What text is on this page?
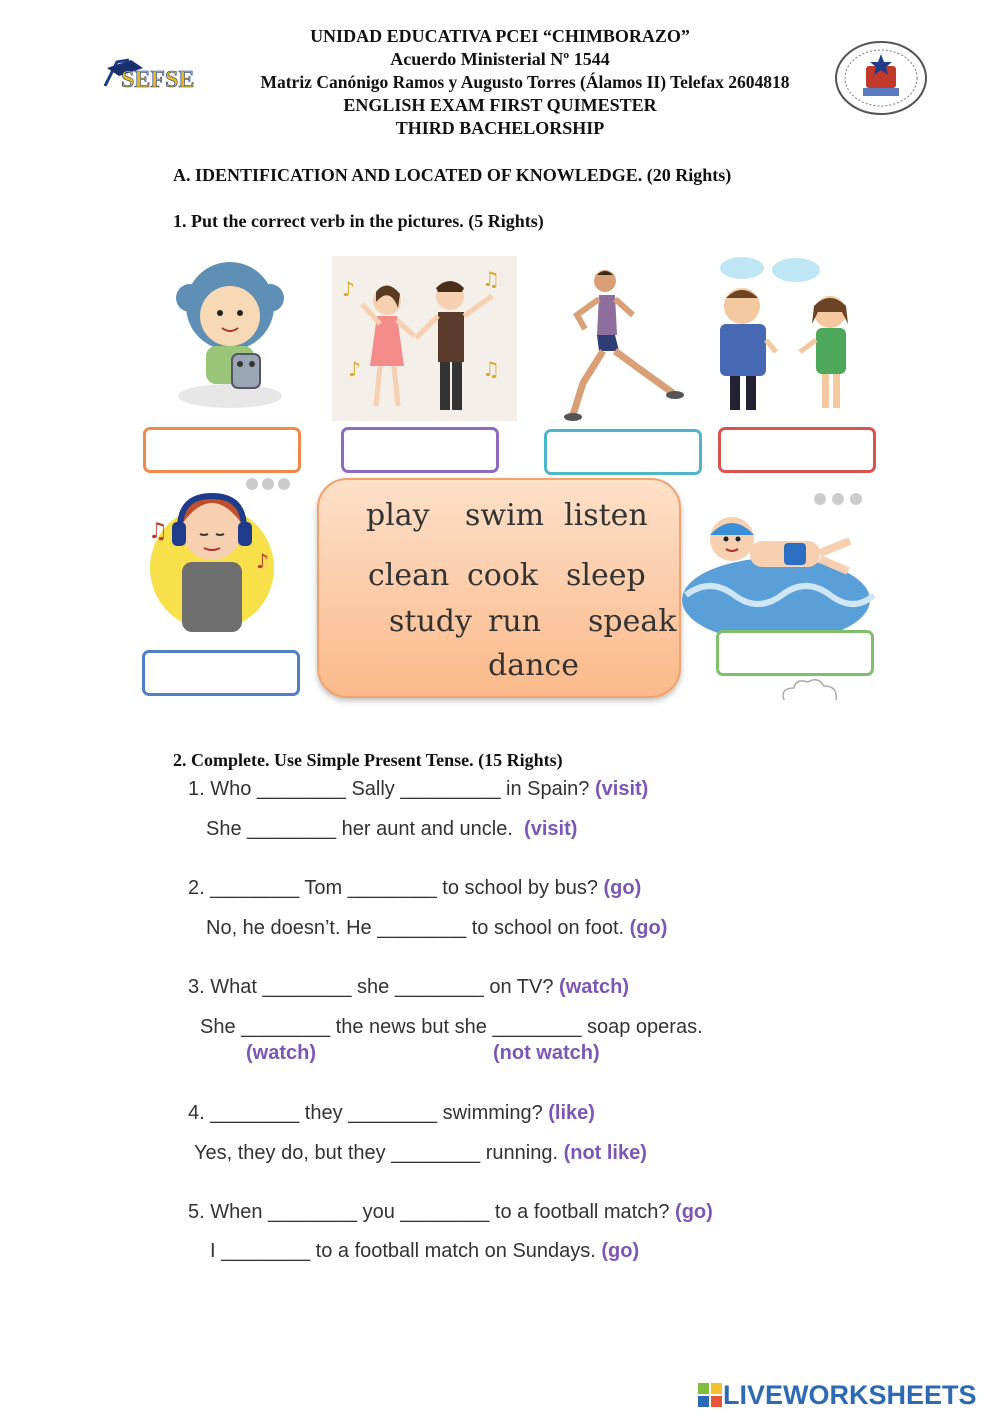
UNIDAD EDUCATIVA PCEI “CHIMBORAZO”
Acuerdo Ministerial Nº 1544
Matriz Canónigo Ramos y Augusto Torres (Álamos II) Telefax 2604818
ENGLISH EXAM FIRST QUIMESTER
THIRD BACHELORSHIP
SEFSE
A. IDENTIFICATION AND LOCATED OF KNOWLEDGE. (20 Rights)
1. Put the correct verb in the pictures. (5 Rights)
♪	♫
♪	♫
♫
♪
play swim listen
clean cook sleep
study run speak
dance
2. Complete. Use Simple Present Tense. (15 Rights)
1. Who ________ Sally _________ in Spain? (visit)
She ________ her aunt and uncle.  (visit)
2. ________ Tom ________ to school by bus? (go)
No, he doesn’t. He ________ to school on foot. (go)
3. What ________ she ________ on TV? (watch)
She ________ the news but she ________ soap operas.
(watch)	(not watch)
4. ________ they ________ swimming? (like)
Yes, they do, but they ________ running. (not like)
5. When ________ you ________ to a football match? (go)
I ________ to a football match on Sundays. (go)
LIVEWORKSHEETS
